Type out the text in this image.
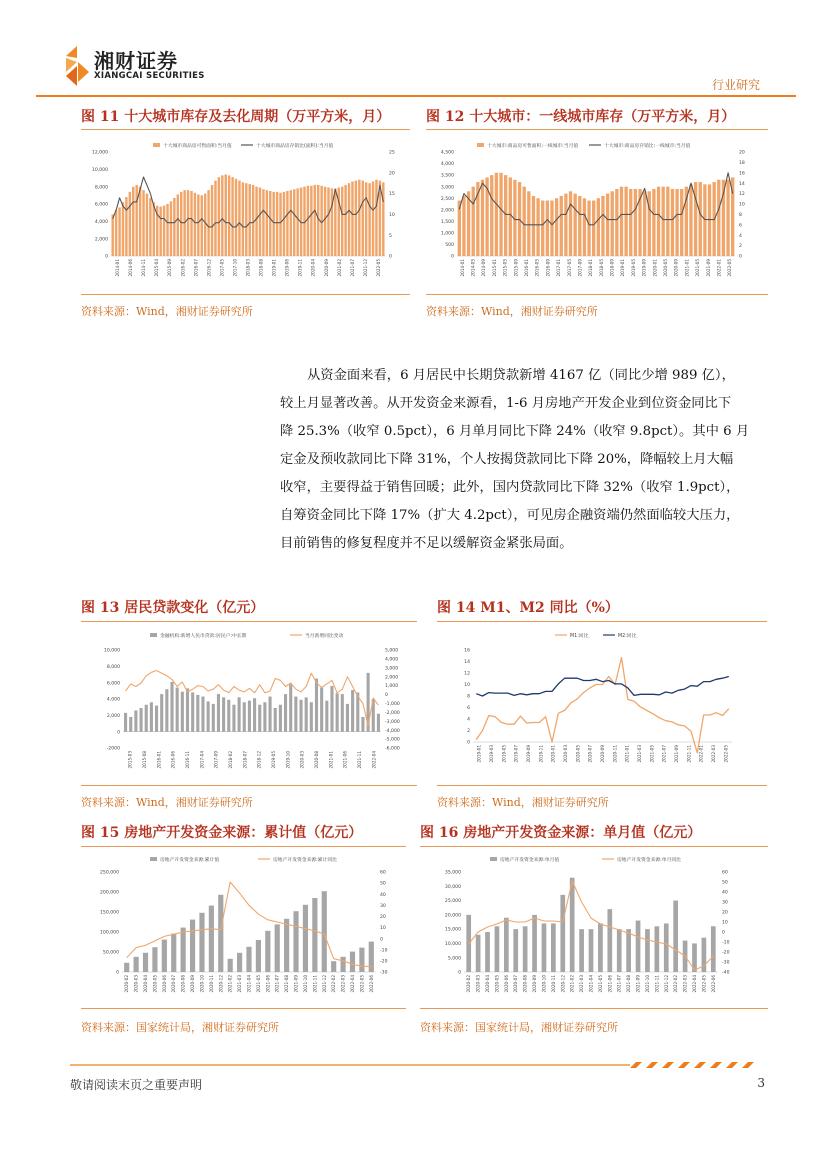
湘财证券
XIANGCAI SECURITIES
行业研究
图 11 十大城市库存及去化周期（万平方米，月）	图 12 十大城市：一线城市库存（万平方米，月）
十大城市商品房可售面积:当月值	十大城市商品房存销比(面积):当月值
0
2,000
4,000
6,000
8,000
10,000
12,000
0
5
10
15
20
25
2014-01 2014-06 2014-11 2015-04 2015-09 2016-02 2016-07 2016-12 2017-05 2017-10 2018-03 2018-08 2019-01 2019-06 2019-11 2020-04 2020-09 2021-02 2021-07 2021-12 2022-05
十大城市:商品房可售面积:一线城市:当月值	十大城市:商品房存销比:一线城市:当月值
0
500
1,000
1,500
2,000
2,500
3,000
3,500
4,000
4,500
0
2
4
6
8
10
12
14
16
18
20
2014-01 2014-05 2014-09 2015-01 2015-05 2015-09 2016-01 2016-05 2016-09 2017-01 2017-05 2017-09 2018-01 2018-05 2018-09 2019-01 2019-05 2019-09 2020-01 2020-05 2020-09 2021-01 2021-05 2021-09 2022-01 2022-05
资料来源：Wind，湘财证券研究所	资料来源：Wind，湘财证券研究所

从资金面来看，6 月居民中长期贷款新增 4167 亿（同比少增 989 亿），

较上月显著改善。从开发资金来源看，1-6 月房地产开发企业到位资金同比下

降 25.3%（收窄 0.5pct），6 月单月同比下降 24%（收窄 9.8pct）。其中 6 月

定金及预收款同比下降 31%，个人按揭贷款同比下降 20%，降幅较上月大幅

收窄，主要得益于销售回暖；此外，国内贷款同比下降 32%（收窄 1.9pct），

自筹资金同比下降 17%（扩大 4.2pct），可见房企融资端仍然面临较大压力，

目前销售的修复程度并不足以缓解资金紧张局面。

图 13 居民贷款变化（亿元）	图 14 M1、M2 同比（%）
金融机构:新增人民币贷款:居民户:中长期	当月新增同比变动
-2000
0
2,000
4,000
6,000
8,000
10,000
-6,000
-5,000
-4,000
-3,000
-2,000
-1,000
0
1,000
2,000
3,000
4,000
5,000
2015-03 2015-08 2016-01 2016-06 2016-11 2017-04 2017-09 2018-02 2018-07 2018-12 2019-05 2019-10 2020-03 2020-08 2021-01 2021-06 2021-11 2022-04
M1:同比	M2:同比
0
2
4
6
8
10
12
14
16
2019-01 2019-03 2019-05 2019-07 2019-09 2019-11 2020-01 2020-03 2020-05 2020-07 2020-09 2020-11 2021-01 2021-03 2021-05 2021-07 2021-09 2021-11 2022-01 2022-03 2022-05
资料来源：Wind，湘财证券研究所	资料来源：Wind，湘财证券研究所
图 15 房地产开发资金来源：累计值（亿元）	图 16 房地产开发资金来源：单月值（亿元）
房地产开发资金来源:累计值	房地产开发资金来源:累计同比
0
50,000
100,000
150,000
200,000
250,000
-30
-20
-10
0
10
20
30
40
50
60
2020-02 2020-03 2020-04 2020-05 2020-06 2020-07 2020-08 2020-09 2020-10 2020-11 2020-12 2021-02 2021-03 2021-04 2021-05 2021-06 2021-07 2021-08 2021-09 2021-10 2021-11 2021-12 2022-02 2022-03 2022-04 2022-05 2022-06
房地产开发资金来源:单月值	房地产开发资金来源:单月同比
0
5,000
10,000
15,000
20,000
25,000
30,000
35,000
-40
-30
-20
-10
0
10
20
30
40
50
60
2020-02 2020-03 2020-04 2020-05 2020-06 2020-07 2020-08 2020-09 2020-10 2020-11 2020-12 2021-02 2021-03 2021-04 2021-05 2021-06 2021-07 2021-08 2021-09 2021-10 2021-11 2021-12 2022-02 2022-03 2022-04 2022-05 2022-06
资料来源：国家统计局，湘财证券研究所	资料来源：国家统计局，湘财证券研究所
敬请阅读末页之重要声明	3
